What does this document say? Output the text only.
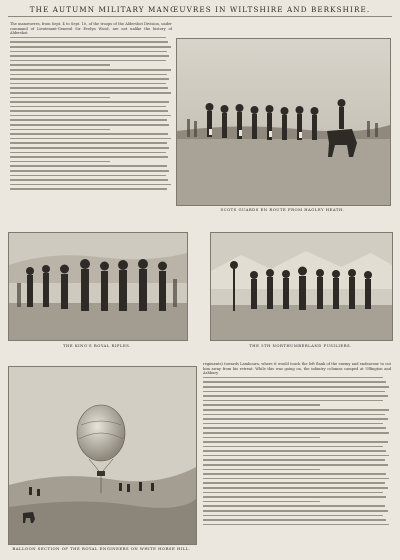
THE AUTUMN MILITARY MANŒUVRES IN WILTSHIRE AND BERKSHIRE.

The manœuvres, from Sept. 4 to Sept. 10, of the troops of the Aldershot Division, under command of Lieutenant-General Sir Evelyn Wood, are not unlike the history of Aldershot

SCOTS GUARDS EN ROUTE FROM HAGLEY HEATH.
THE KING'S ROYAL RIFLES.	THE 5TH NORTHUMBERLAND FUSILIERS.
BALLOON SECTION OF THE ROYAL ENGINEERS ON WHITE HORSE HILL.

regiments) towards Lambourn, where it would touch the left flank of the enemy and endeavour to cut him away from his retreat. While this was going on, the infantry columns camped at Uffington and Ashbury
